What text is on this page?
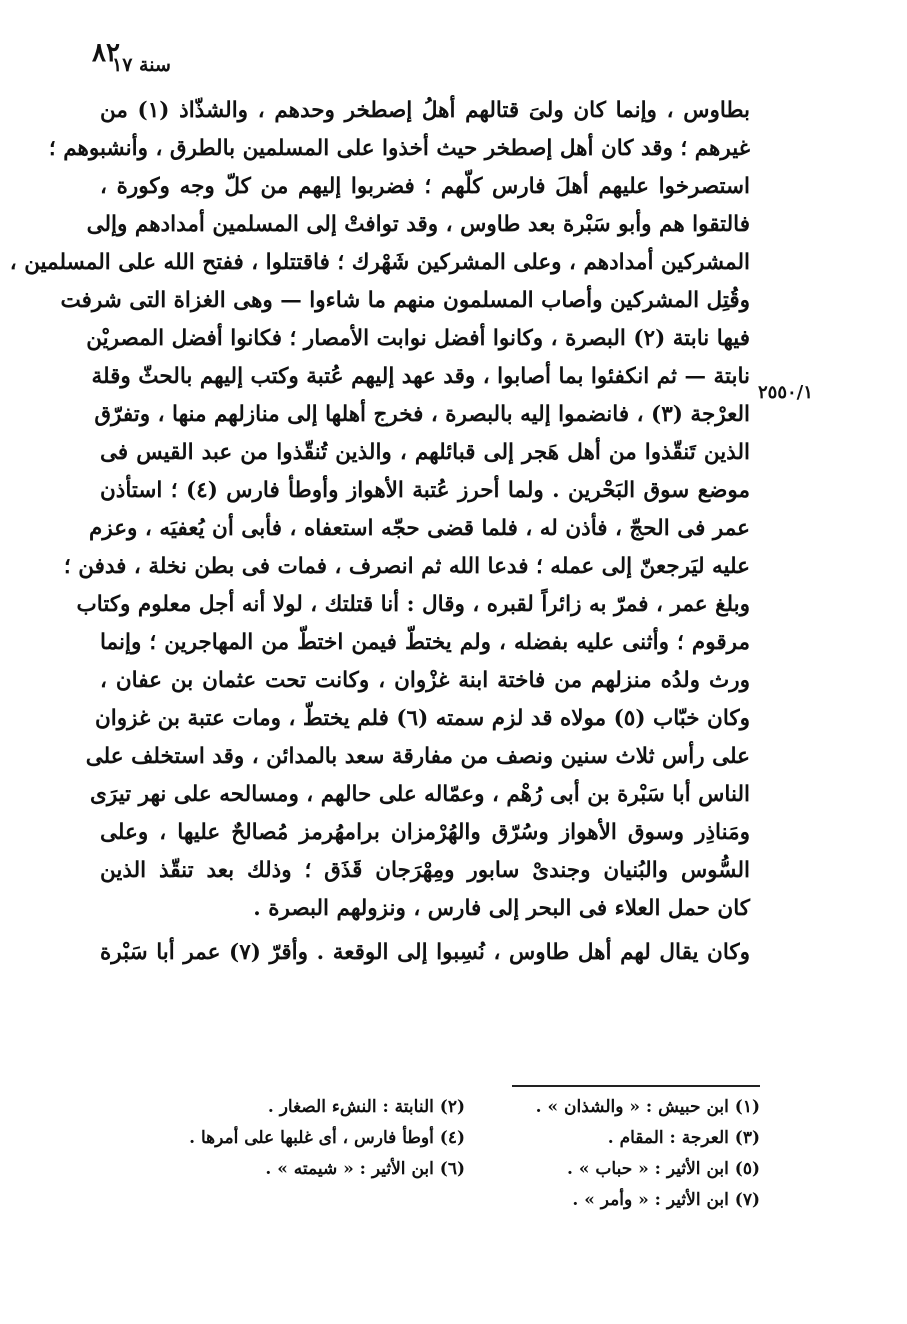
٨٢
سنة ١٧
بطاوس ، وإنما كان ولىَ قتالهم أهلُ إصطخر وحدهم ، والشذّاذ (١) من
غيرهم ؛ وقد كان أهل إصطخر حيث أخذوا على المسلمين بالطرق ، وأنشبوهم ؛
استصرخوا عليهم أهلَ فارس كلّهم ؛ فضربوا إليهم من كلّ وجه وكورة ،
فالتقوا هم وأبو سَبْرة بعد طاوس ، وقد توافتْ إلى المسلمين أمدادهم وإلى
المشركين أمدادهم ، وعلى المشركين شَهْرك ؛ فاقتتلوا ، ففتح الله على المسلمين ،
وقُتِل المشركين وأصاب المسلمون منهم ما شاءوا — وهى الغزاة التى شرفت
فيها نابتة (٢) البصرة ، وكانوا أفضل نوابت الأمصار ؛ فكانوا أفضل المصريْن
نابتة — ثم انكفئوا بما أصابوا ، وقد عهد إليهم عُتبة وكتب إليهم بالحثّ وقلة
العرْجة (٣) ، فانضموا إليه بالبصرة ، فخرج أهلها إلى منازلهم منها ، وتفرّق
الذين تَنقّذوا من أهل هَجر إلى قبائلهم ، والذين تُنقّذوا من عبد القيس فى
موضع سوق البَحْرين . ولما أحرز عُتبة الأهواز وأوطأ فارس (٤) ؛ استأذن
عمر فى الحجّ ، فأذن له ، فلما قضى حجّه استعفاه ، فأبى أن يُعفيَه ، وعزم
عليه ليَرجعنّ إلى عمله ؛ فدعا الله ثم انصرف ، فمات فى بطن نخلة ، فدفن ؛
وبلغ عمر ، فمرّ به زائراً لقبره ، وقال : أنا قتلتك ، لولا أنه أجل معلوم وكتاب
مرقوم ؛ وأثنى عليه بفضله ، ولم يختطّ فيمن اختطّ من المهاجرين ؛ وإنما
ورث ولدُه منزلهم من فاختة ابنة غزْوان ، وكانت تحت عثمان بن عفان ،
وكان خبّاب (٥) مولاه قد لزم سمته (٦) فلم يختطّ ، ومات عتبة بن غزوان
على رأس ثلاث سنين ونصف من مفارقة سعد بالمدائن ، وقد استخلف على
الناس أبا سَبْرة بن أبى رُهْم ، وعمّاله على حالهم ، ومسالحه على نهر تيرَى
ومَناذِر وسوق الأهواز وسُرّق والهُرْمزان برامهُرمز مُصالحٌ عليها ، وعلى
السُّوس والبُنيان وجندىْ سابور ومِهْرَجان قَذَق ؛ وذلك بعد تنقّذ الذين
كان حمل العلاء فى البحر إلى فارس ، ونزولهم البصرة .
وكان يقال لهم أهل طاوس ، نُسِبوا إلى الوقعة . وأقرّ (٧) عمر أبا سَبْرة
٢٥٥٠/١
(١) ابن حبيش : « والشذان » .
(٢) النابتة : النشء الصغار .
(٣) العرجة : المقام .
(٤) أوطأ فارس ، أى غلبها على أمرها .
(٥) ابن الأثير : « حباب » .
(٦) ابن الأثير : « شيمته » .
(٧) ابن الأثير : « وأمر » .
